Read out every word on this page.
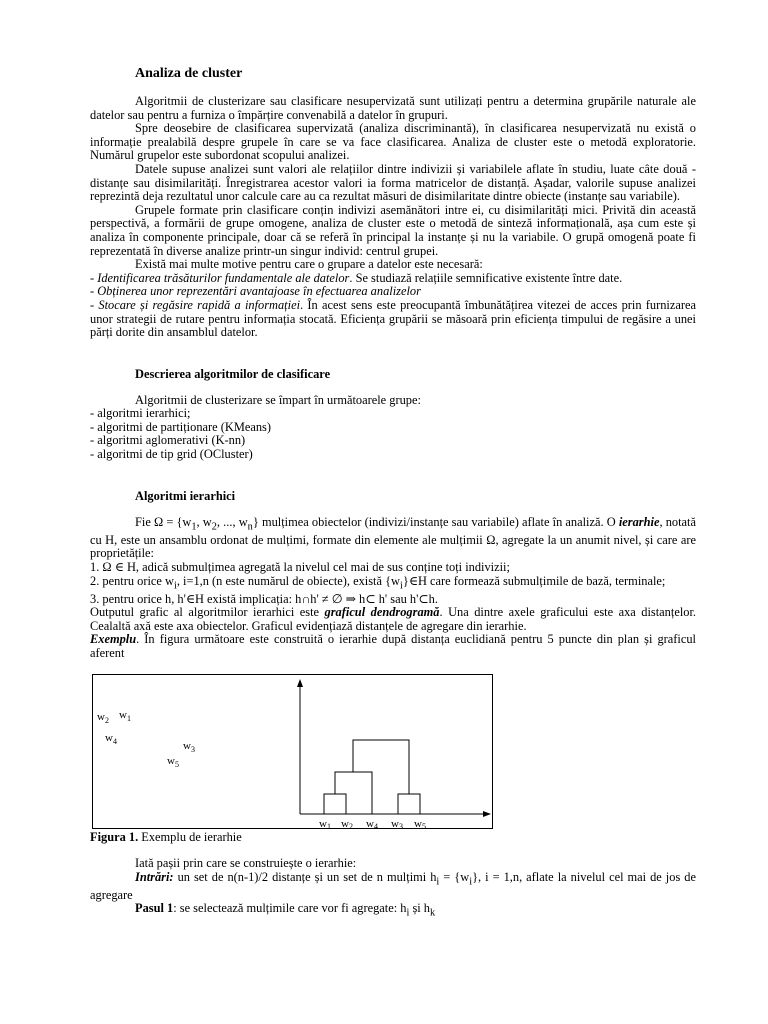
Analiza de cluster

Algoritmii de clusterizare sau clasificare nesupervizată sunt utilizați pentru a determina grupările naturale ale datelor sau pentru a furniza o împărțire convenabilă a datelor în grupuri.

Spre deosebire de clasificarea supervizată (analiza discriminantă), în clasificarea nesupervizată nu există o informație prealabilă despre grupele în care se va face clasificarea. Analiza de cluster este o metodă exploratorie. Numărul grupelor este subordonat scopului analizei.

Datele supuse analizei sunt valori ale relațiilor dintre indivizii și variabilele aflate în studiu, luate câte două - distanțe sau disimilarități. Înregistrarea acestor valori ia forma matricelor de distanță. Așadar, valorile supuse analizei reprezintă deja rezultatul unor calcule care au ca rezultat măsuri de disimilaritate dintre obiecte (instanțe sau variabile).

Grupele formate prin clasificare conțin indivizi asemănători intre ei, cu disimilarități mici. Privită din această perspectivă, a formării de grupe omogene, analiza de cluster este o metodă de sinteză informațională, așa cum este și analiza în componente principale, doar că se referă în principal la instanțe și nu la variabile. O grupă omogenă poate fi reprezentată în diverse analize printr-un singur individ: centrul grupei.

Există mai multe motive pentru care o grupare a datelor este necesară:

- Identificarea trăsăturilor fundamentale ale datelor. Se studiază relațiile semnificative existente între date.

- Obținerea unor reprezentări avantajoase în efectuarea analizelor

- Stocare și regăsire rapidă a informației. În acest sens este preocupantă îmbunătățirea vitezei de acces prin furnizarea unor strategii de rutare pentru informația stocată. Eficiența grupării se măsoară prin eficiența timpului de regăsire a unei părți dorite din ansamblul datelor.

Descrierea algoritmilor de clasificare

Algoritmii de clusterizare se împart în următoarele grupe:

- algoritmi ierarhici;

- algoritmi de partiționare (KMeans)

- algoritmi aglomerativi (K-nn)

- algoritmi de tip grid (OCluster)

Algoritmi ierarhici

Fie $\Omega = \{w_1$, $w_2$, ..., $w_n$} mulțimea obiectelor (indivizi/instanțe sau variabile) aflate în analiză. O ierarhie, notată cu H, este un ansamblu ordonat de mulțimi, formate din elemente ale mulțimii Ω, agregate la un anumit nivel, și care are proprietățile:

1. Ω ∈ H, adică submulțimea agregată la nivelul cel mai de sus conține toți indivizii;

2. pentru orice $w_i$, i=1,n (n este numărul de obiecte), există $\{w_i\}\in H$ care formează submulțimile de bază, terminale;

3. pentru orice h, h'∈H există implicația: h∩h' ≠ ∅ ⇒ h⊂ h' sau h'⊂h.

Outputul grafic al algoritmilor ierarhici este graficul dendrogramă. Una dintre axele graficului este axa distanțelor. Cealaltă axă este axa obiectelor. Graficul evidențiază distanțele de agregare din ierarhie.

Exemplu. În figura următoare este construită o ierarhie după distanța euclidiană pentru 5 puncte din plan și graficul aferent

$w_2$ $w_1$
$w_4$	$w_3$
$w_5$
w1 w2 w4 w3 w5

Figura 1. Exemplu de ierarhie

Iată pașii prin care se construiește o ierarhie:

Intrări: un set de n(n-1)/2 distanțe și un set de n mulțimi $h_i = \{w_i\}$, i = 1,n, aflate la nivelul cel mai de jos de agregare

Pasul 1: se selectează mulțimile care vor fi agregate: $h_i$ și $h_k$
